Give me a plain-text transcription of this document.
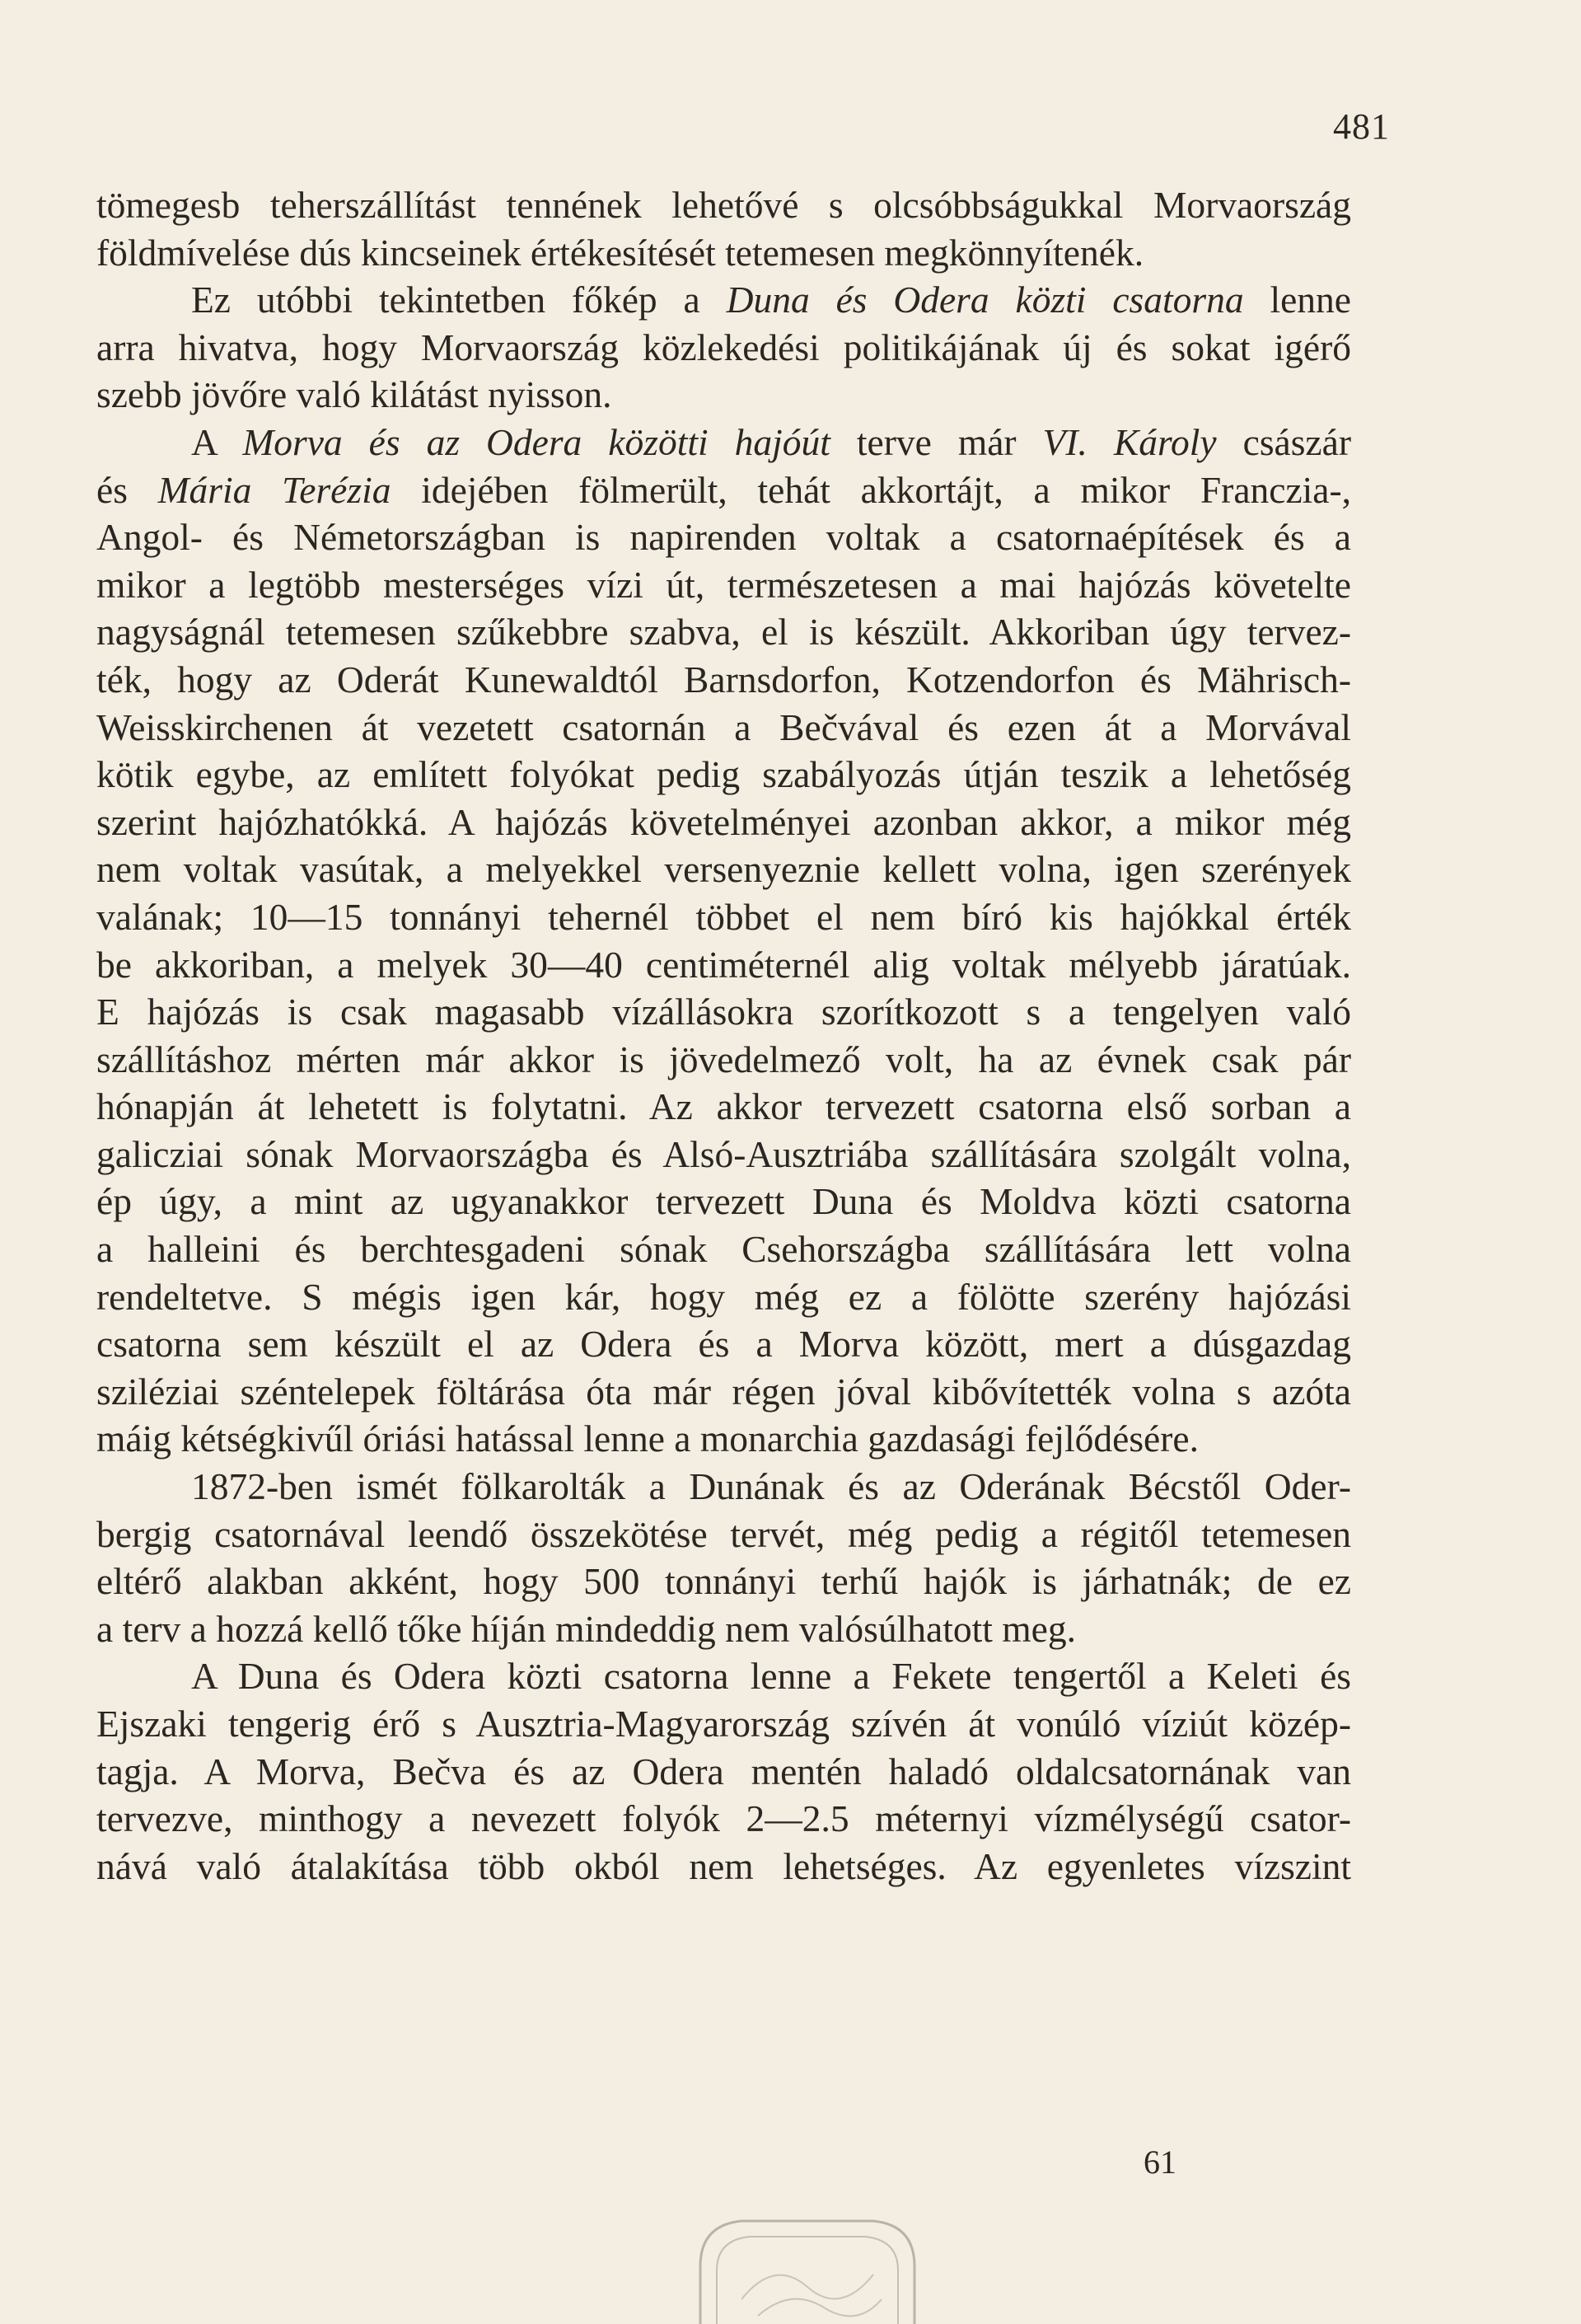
481
tömegesb teherszállítást tennének lehetővé s olcsóbbságukkal Morvaország
földmívelése dús kincseinek értékesítését tetemesen megkönnyítenék.
Ez utóbbi tekintetben főkép a Duna és Odera közti csatorna lenne
arra hivatva, hogy Morvaország közlekedési politikájának új és sokat igérő
szebb jövőre való kilátást nyisson.
A Morva és az Odera közötti hajóút terve már VI. Károly császár
és Mária Terézia idejében fölmerült, tehát akkortájt, a mikor Franczia-,
Angol- és Németországban is napirenden voltak a csatornaépítések és a
mikor a legtöbb mesterséges vízi út, természetesen a mai hajózás követelte
nagyságnál tetemesen szűkebbre szabva, el is készült. Akkoriban úgy tervez-
ték, hogy az Oderát Kunewaldtól Barnsdorfon, Kotzendorfon és Mährisch-
Weisskirchenen át vezetett csatornán a Bečvával és ezen át a Morvával
kötik egybe, az említett folyókat pedig szabályozás útján teszik a lehetőség
szerint hajózhatókká. A hajózás követelményei azonban akkor, a mikor még
nem voltak vasútak, a melyekkel versenyeznie kellett volna, igen szerények
valának; 10—15 tonnányi tehernél többet el nem bíró kis hajókkal érték
be akkoriban, a melyek 30—40 centiméternél alig voltak mélyebb járatúak.
E hajózás is csak magasabb vízállásokra szorítkozott s a tengelyen való
szállításhoz mérten már akkor is jövedelmező volt, ha az évnek csak pár
hónapján át lehetett is folytatni. Az akkor tervezett csatorna első sorban a
galicziai sónak Morvaországba és Alsó-Ausztriába szállítására szolgált volna,
ép úgy, a mint az ugyanakkor tervezett Duna és Moldva közti csatorna
a halleini és berchtesgadeni sónak Csehországba szállítására lett volna
rendeltetve. S mégis igen kár, hogy még ez a fölötte szerény hajózási
csatorna sem készült el az Odera és a Morva között, mert a dúsgazdag
sziléziai széntelepek föltárása óta már régen jóval kibővítették volna s azóta
máig kétségkivűl óriási hatással lenne a monarchia gazdasági fejlődésére.
1872-ben ismét fölkarolták a Dunának és az Oderának Bécstől Oder-
bergig csatornával leendő összekötése tervét, még pedig a régitől tetemesen
eltérő alakban akként, hogy 500 tonnányi terhű hajók is járhatnák; de ez
a terv a hozzá kellő tőke híján mindeddig nem valósúlhatott meg.
A Duna és Odera közti csatorna lenne a Fekete tengertől a Keleti és
Ejszaki tengerig érő s Ausztria-Magyarország szívén át vonúló víziút közép-
tagja. A Morva, Bečva és az Odera mentén haladó oldalcsatornának van
tervezve, minthogy a nevezett folyók 2—2.5 méternyi vízmélységű csator-
nává való átalakítása több okból nem lehetséges. Az egyenletes vízszint
61
